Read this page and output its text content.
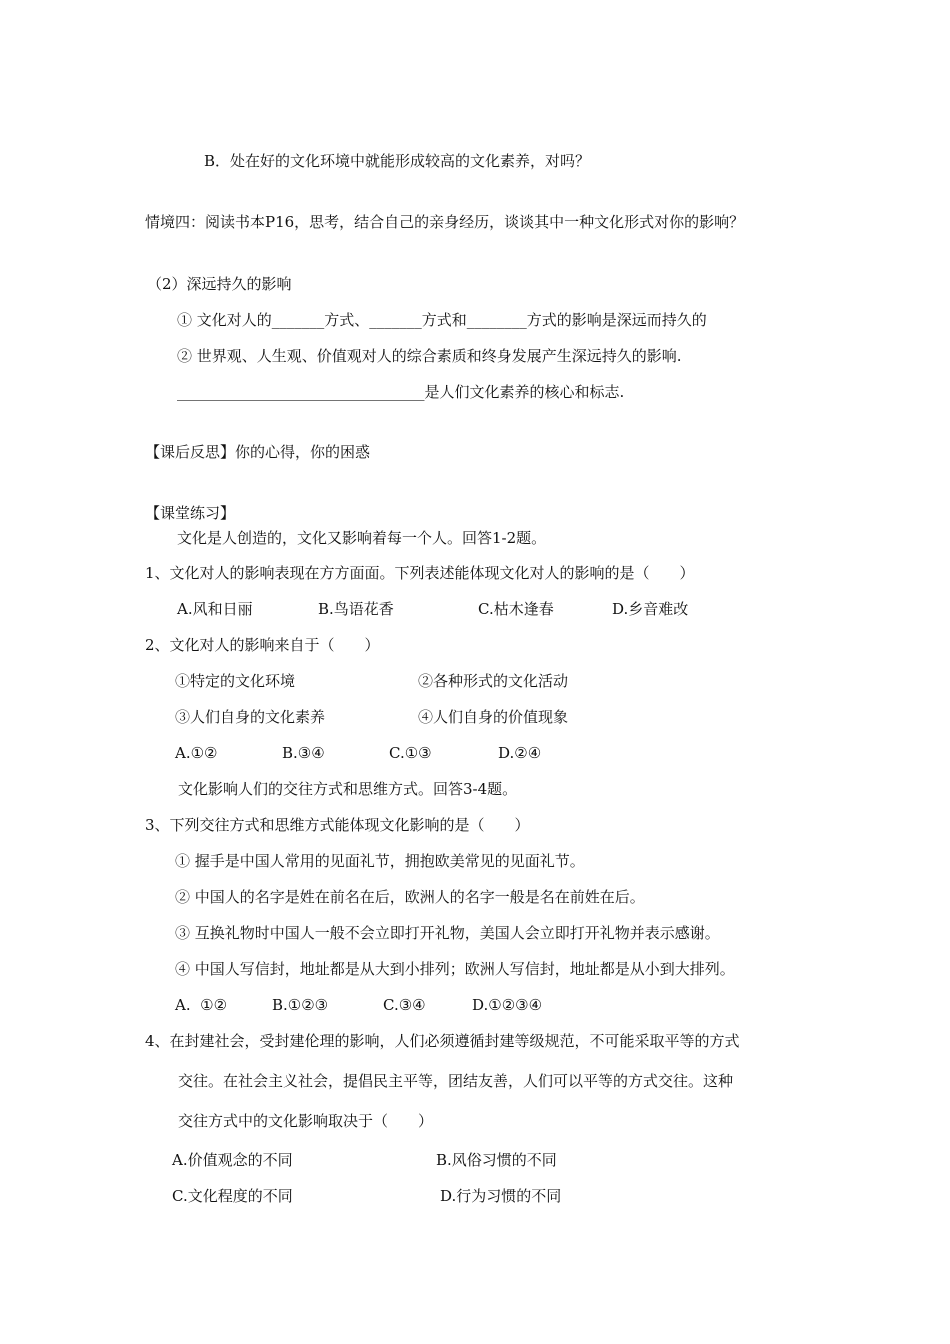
B．处在好的文化环境中就能形成较高的文化素养，对吗？
情境四：阅读书本P16，思考，结合自己的亲身经历，谈谈其中一种文化形式对你的影响？
（2）深远持久的影响
① 文化对人的_______方式、_______方式和________方式的影响是深远而持久的
② 世界观、人生观、价值观对人的综合素质和终身发展产生深远持久的影响.
_________________________________是人们文化素养的核心和标志.
【课后反思】你的心得，你的困惑
【课堂练习】
文化是人创造的，文化又影响着每一个人。回答1-2题。
1、文化对人的影响表现在方方面面。下列表述能体现文化对人的影响的是（　　）
A.风和日丽	B.鸟语花香	C.枯木逢春	D.乡音难改
2、文化对人的影响来自于（　　）
①特定的文化环境	②各种形式的文化活动
③人们自身的文化素养	④人们自身的价值现象
A.①②	B.③④	C.①③	D.②④
文化影响人们的交往方式和思维方式。回答3-4题。
3、下列交往方式和思维方式能体现文化影响的是（　　）
① 握手是中国人常用的见面礼节，拥抱欧美常见的见面礼节。
② 中国人的名字是姓在前名在后，欧洲人的名字一般是名在前姓在后。
③ 互换礼物时中国人一般不会立即打开礼物，美国人会立即打开礼物并表示感谢。
④ 中国人写信封，地址都是从大到小排列；欧洲人写信封，地址都是从小到大排列。
A.  ①②	B.①②③	C.③④	D.①②③④
4、在封建社会，受封建伦理的影响，人们必须遵循封建等级规范，不可能采取平等的方式
交往。在社会主义社会，提倡民主平等，团结友善，人们可以平等的方式交往。这种
交往方式中的文化影响取决于（　　）
A.价值观念的不同	B.风俗习惯的不同
C.文化程度的不同	D.行为习惯的不同
